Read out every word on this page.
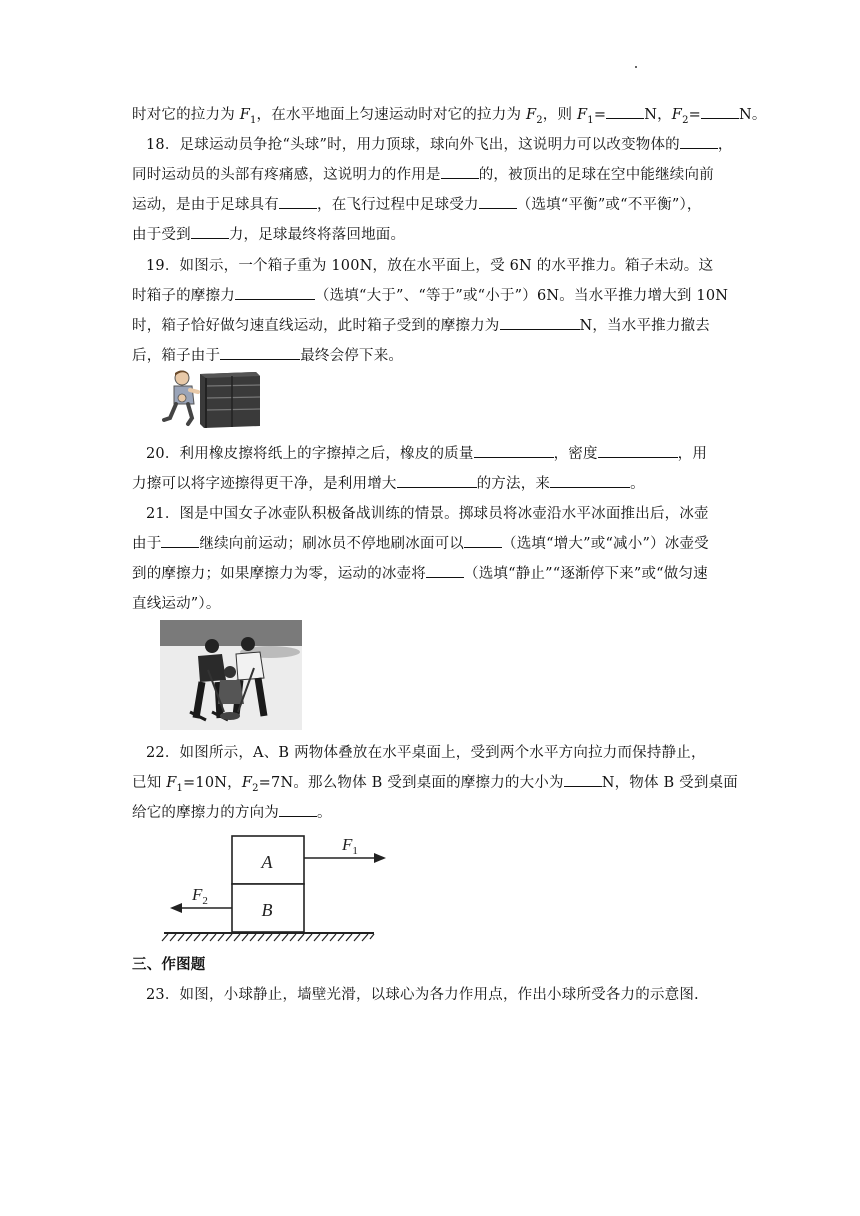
时对它的拉力为 $F_1$，在水平地面上匀速运动时对它的拉力为 $F_2$，则 $F_1=$	N，$F_2=$	N。
18．足球运动员争抢“头球”时，用力顶球，球向外飞出，这说明力可以改变物体的	，
同时运动员的头部有疼痛感，这说明力的作用是	的，被顶出的足球在空中能继续向前
运动，是由于足球具有	，在飞行过程中足球受力	（选填“平衡”或“不平衡”），
由于受到	力，足球最终将落回地面。
19．如图示，一个箱子重为 100N，放在水平面上，受 6N 的水平推力。箱子未动。这
时箱子的摩擦力	（选填“大于”、“等于”或“小于”）6N。当水平推力增大到 10N
时，箱子恰好做匀速直线运动，此时箱子受到的摩擦力为	N，当水平推力撤去
后，箱子由于	最终会停下来。
20．利用橡皮擦将纸上的字擦掉之后，橡皮的质量	，密度	，用
力擦可以将字迹擦得更干净，是利用增大	的方法，来	。
21．图是中国女子冰壶队积极备战训练的情景。掷球员将冰壶沿水平冰面推出后，冰壶
由于	继续向前运动；刷冰员不停地刷冰面可以	（选填“增大”或“减小”）冰壶受
到的摩擦力；如果摩擦力为零，运动的冰壶将	（选填“静止”“逐渐停下来”或“做匀速
直线运动”）。
22．如图所示，A、B 两物体叠放在水平桌面上，受到两个水平方向拉力而保持静止，
已知 $F_1=10N$，$F_2=7N$。那么物体 B 受到桌面的摩擦力的大小为	N，物体 B 受到桌面
给它的摩擦力的方向为	。
A
B
$F_1$
$F_2$
三、作图题
23．如图，小球静止，墙壁光滑，以球心为各力作用点，作出小球所受各力的示意图.
